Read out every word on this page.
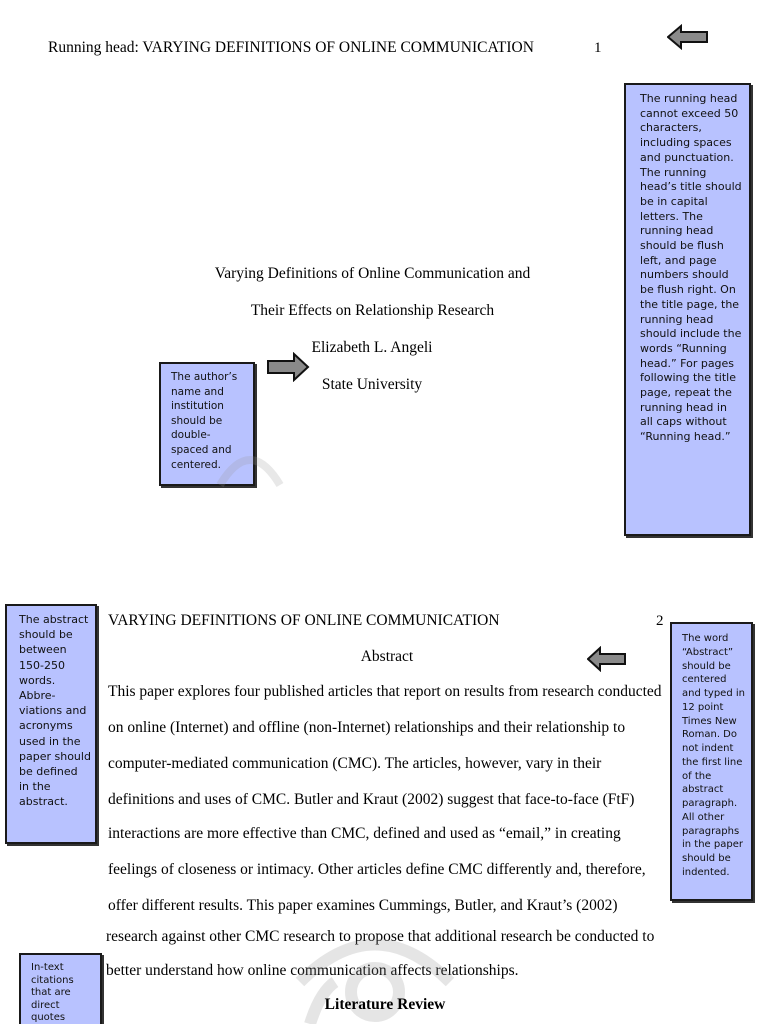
Running head: VARYING DEFINITIONS OF ONLINE COMMUNICATION	1
Varying Definitions of Online Communication and
Their Effects on Relationship Research
Elizabeth L. Angeli
State University
The author’s name and institution should be double-spaced and centered.
The running head cannot exceed 50 characters, including spaces and punctuation. The running head’s title should be in capital letters. The running head should be flush left, and page numbers should be flush right. On the title page, the running head should include the words “Running head.” For pages following the title page, repeat the running head in all caps without “Running head.”
The abstract should be between 150-250 words. Abbre-viations and acronyms used in the paper should be defined in the abstract.
VARYING DEFINITIONS OF ONLINE COMMUNICATION	2
Abstract
The word “Abstract” should be centered and typed in 12 point Times New Roman. Do not indent the first line of the abstract paragraph. All other paragraphs in the paper should be indented.
This paper explores four published articles that report on results from research conducted
on online (Internet) and offline (non-Internet) relationships and their relationship to
computer-mediated communication (CMC). The articles, however, vary in their
definitions and uses of CMC. Butler and Kraut (2002) suggest that face-to-face (FtF)
interactions are more effective than CMC, defined and used as “email,” in creating
feelings of closeness or intimacy. Other articles define CMC differently and, therefore,
offer different results. This paper examines Cummings, Butler, and Kraut’s (2002)
research against other CMC research to propose that additional research be conducted to
better understand how online communication affects relationships.
Literature Review
In-text citations that are direct quotes
